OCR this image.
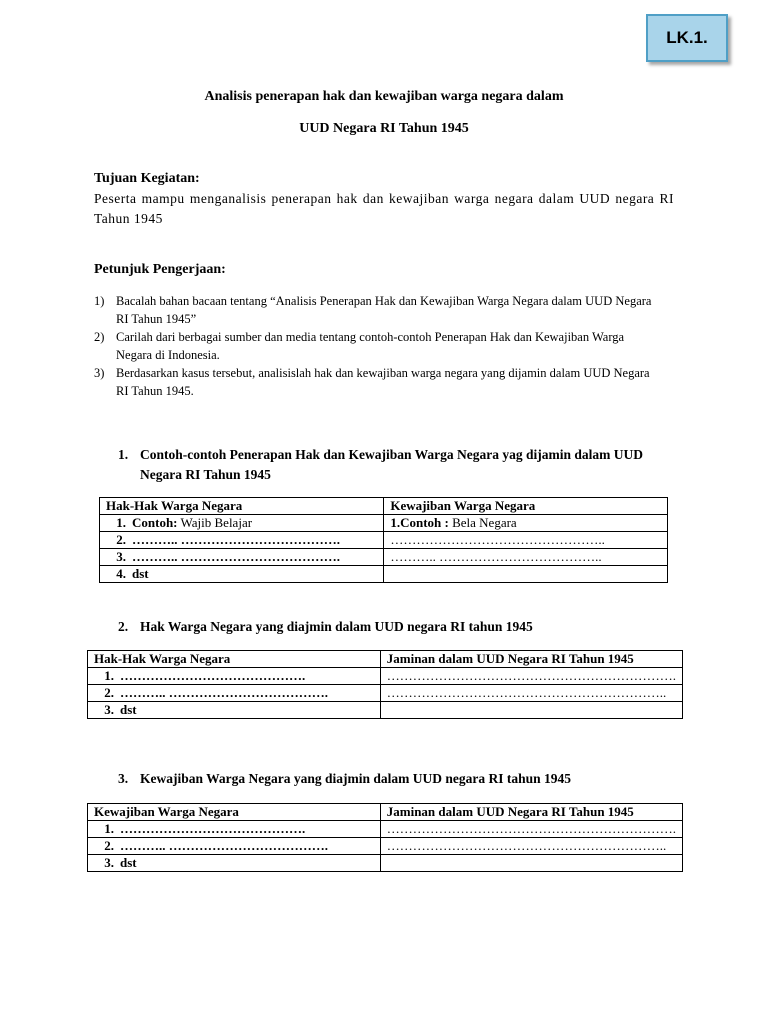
LK.1.
Analisis penerapan hak dan kewajiban warga negara dalam
UUD Negara RI Tahun 1945
Tujuan Kegiatan:
Peserta mampu menganalisis penerapan hak dan kewajiban warga negara dalam UUD negara RI Tahun 1945
Petunjuk Pengerjaan:
1) Bacalah bahan bacaan tentang “Analisis Penerapan Hak dan Kewajiban Warga Negara dalam UUD Negara RI Tahun 1945”
2) Carilah dari berbagai sumber dan media tentang contoh-contoh Penerapan Hak dan Kewajiban Warga Negara di Indonesia.
3) Berdasarkan kasus tersebut, analisislah hak dan kewajiban warga negara yang dijamin dalam UUD Negara RI Tahun 1945.
1. Contoh-contoh Penerapan Hak dan Kewajiban Warga Negara yag dijamin dalam UUD Negara RI Tahun 1945
Hak-Hak Warga Negara	Kewajiban Warga Negara
1. Contoh: Wajib Belajar	1.Contoh : Bela Negara
2. ……….. ……………………………….	…………………………………………..
3. ……….. ……………………………….	……….. ………………………………..
4. dst	
2. Hak Warga Negara yang diajmin dalam UUD negara RI tahun 1945
Hak-Hak Warga Negara	Jaminan dalam UUD Negara RI Tahun 1945
1. …………………………………….	………………………………………………………….
2. ……….. ……………………………….	………………………………………………………..
3. dst	
3. Kewajiban Warga Negara yang diajmin dalam UUD negara RI tahun 1945
Kewajiban Warga Negara	Jaminan dalam UUD Negara RI Tahun 1945
1. …………………………………….	………………………………………………………….
2. ……….. ……………………………….	………………………………………………………..
3. dst	
